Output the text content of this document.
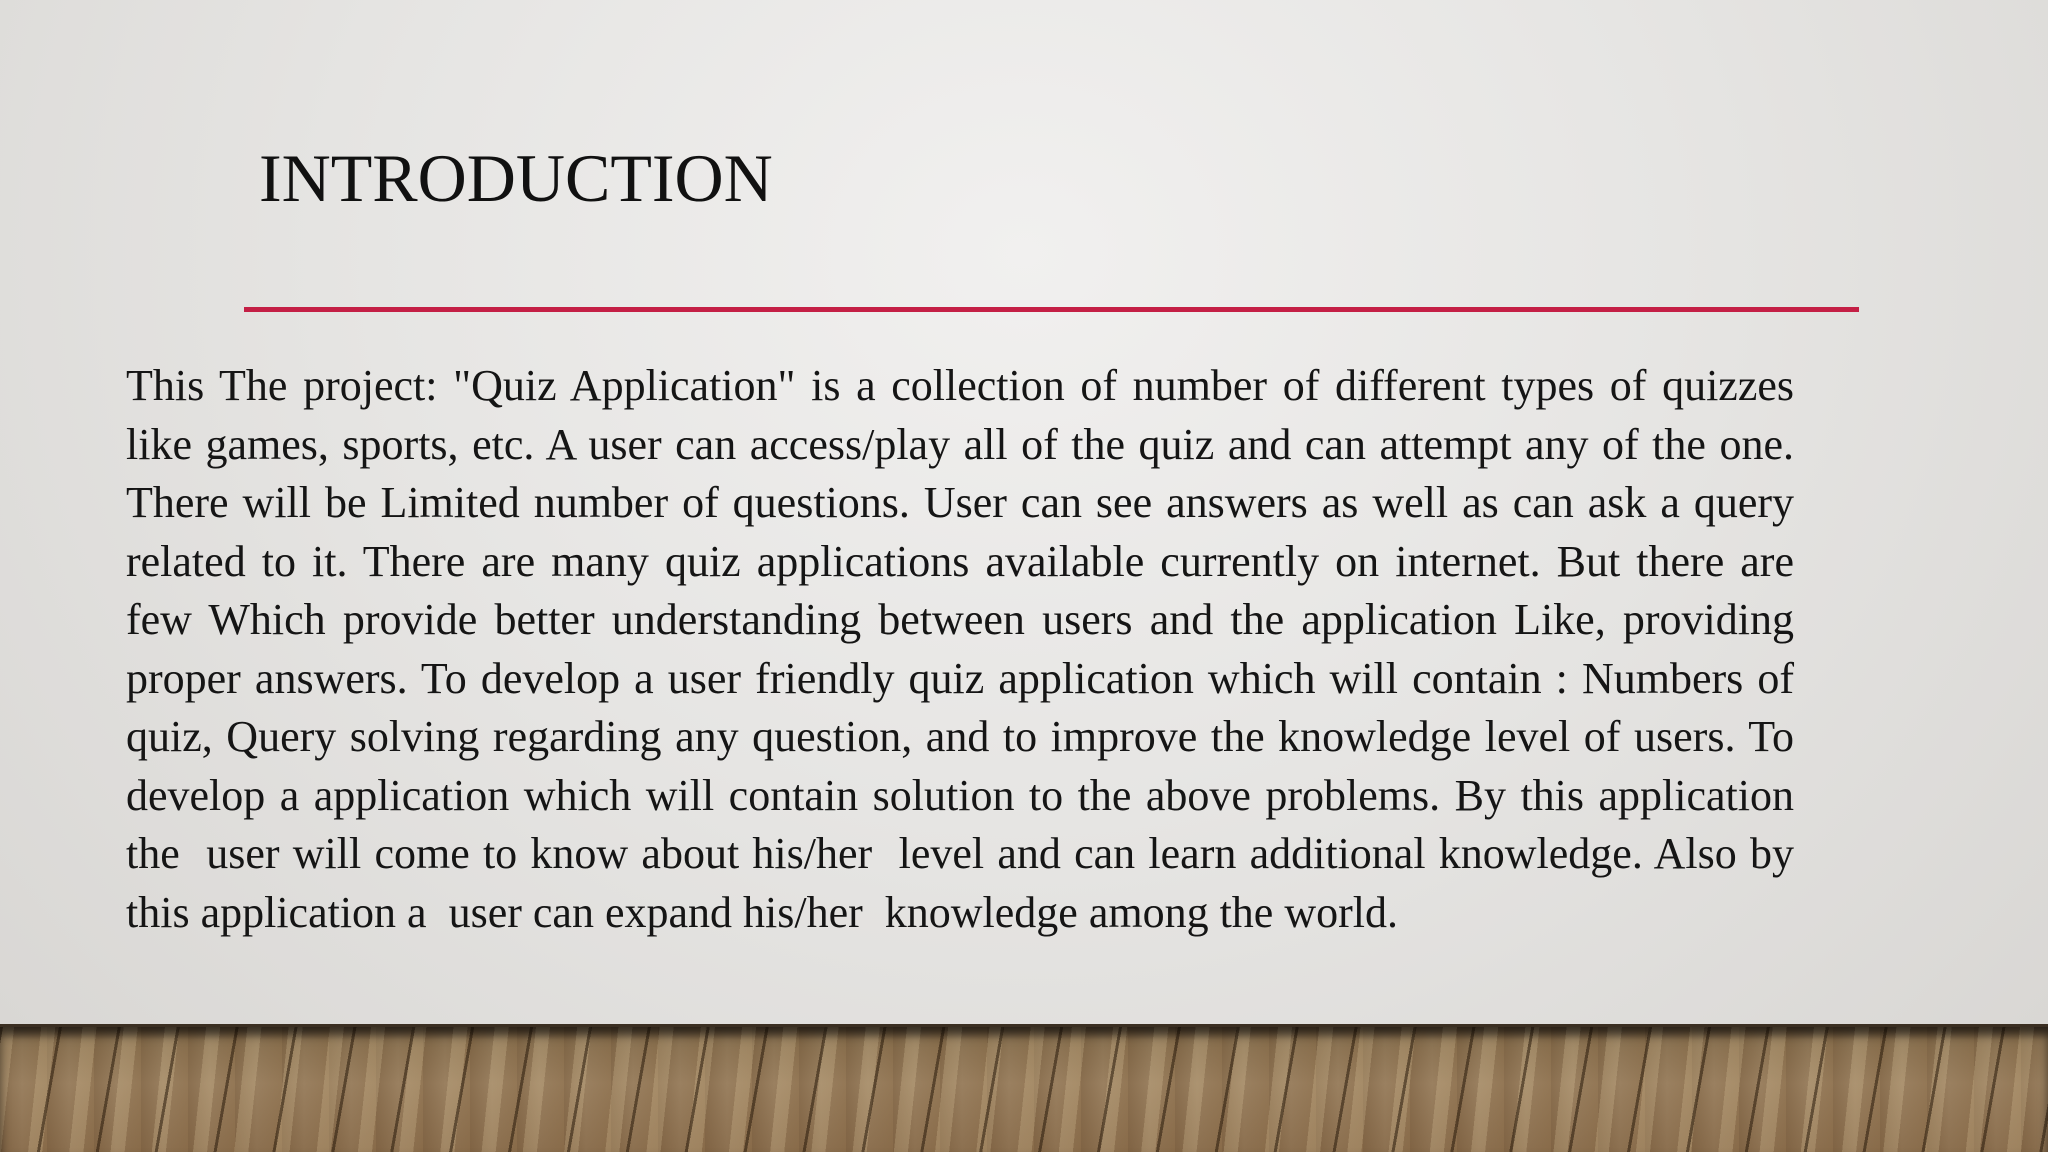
INTRODUCTION

This The project: "Quiz Application" is a collection of number of different types of quizzes like games, sports, etc. A user can access/play all of the quiz and can attempt any of the one. There will be Limited number of questions. User can see answers as well as can ask a query related to it. There are many quiz applications available currently on internet. But there are few Which provide better understanding between users and the application Like, providing proper answers. To develop a user friendly quiz application which will contain : Numbers of quiz, Query solving regarding any question, and to improve the knowledge level of users. To develop a application which will contain solution to the above problems. By this application the  user will come to know about his/her  level and can learn additional knowledge. Also by this application a  user can expand his/her  knowledge among the world.
